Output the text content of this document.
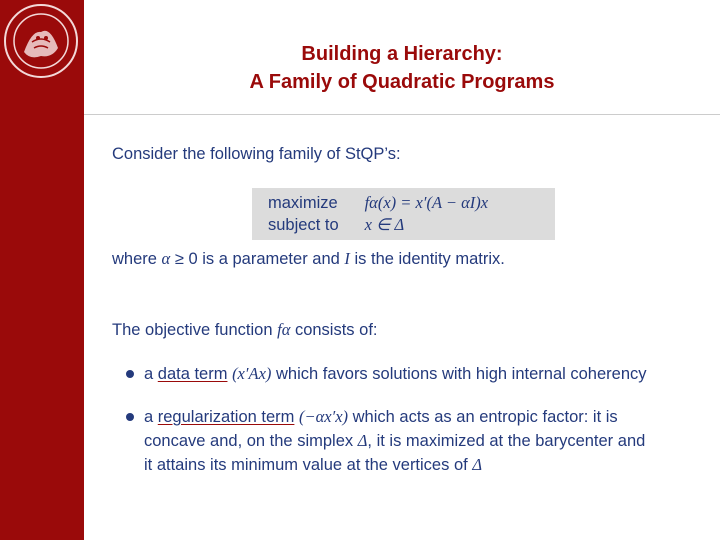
Building a Hierarchy:
A Family of Quadratic Programs
Consider the following family of StQP’s:
maximize fα(x) = x′(A − αI)x
subject to x ∈ Δ
where α ≥ 0 is a parameter and I is the identity matrix.
The objective function fα consists of:
a data term (x′Ax) which favors solutions with high internal coherency
a regularization term (−αx′x) which acts as an entropic factor: it is
concave and, on the simplex Δ, it is maximized at the barycenter and
it attains its minimum value at the vertices of Δ
